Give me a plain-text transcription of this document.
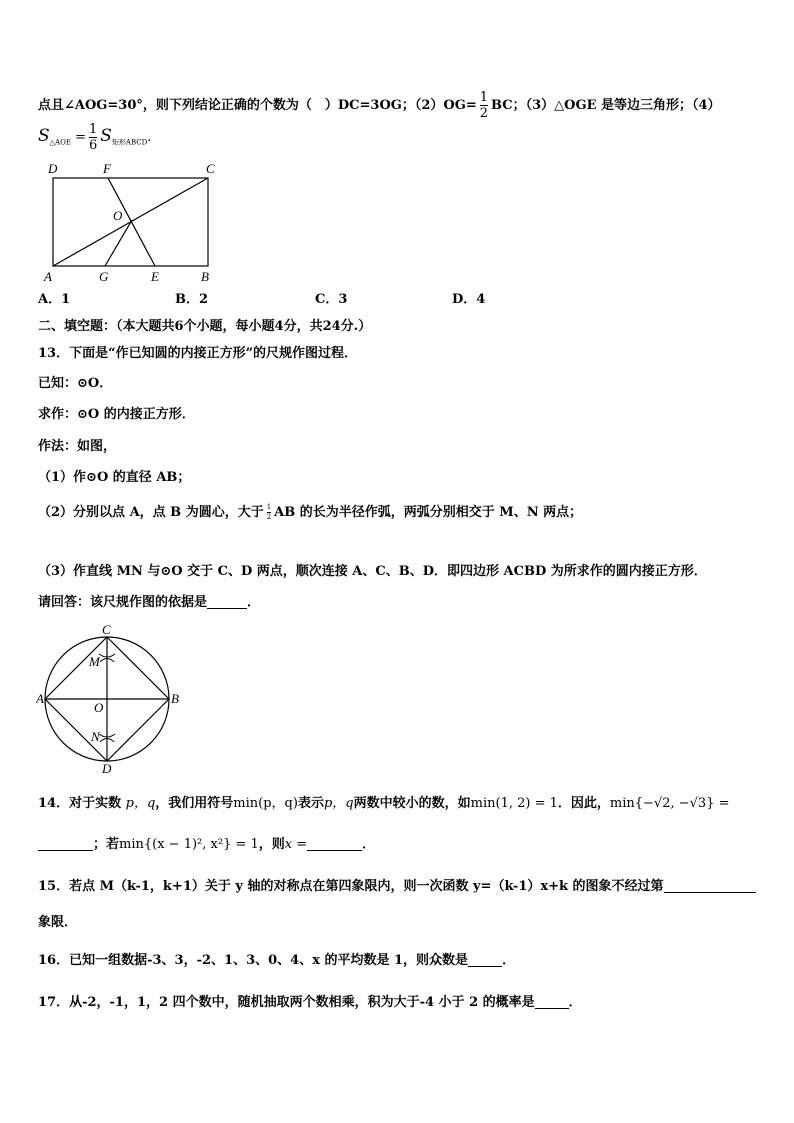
点且∠AOG=30°，则下列结论正确的个数为（　）DC=3OG；$(2)OG= \frac{1}{2}$ BC；（3）△OGE 是等边三角形；（4）
$S_{\triangle AOE} = \frac{1}{6} S_{矩形ABCD}$.
D	F	C
O
A	G	E	B
A．1	B．2	C．3	D．4
二、填空题：（本大题共6个小题，每小题4分，共24分.）
13．下面是“作已知圆的内接正方形”的尺规作图过程．
已知：⊙O．
求作：⊙O 的内接正方形．
作法：如图，
（1）作⊙O 的直径 AB；
（2）分别以点 A，点 B 为圆心，大于 $\frac{1}{2}$ AB 的长为半径作弧，两弧分别相交于 M、N 两点；
（3）作直线 MN 与⊙O 交于 C、D 两点，顺次连接 A、C、B、D．即四边形 ACBD 为所求作的圆内接正方形．
请回答：该尺规作图的依据是	．
C
M
A
O
B
N
D
14．对于实数 p，q，我们用符号min(p，q)表示p，q两数中较小的数，如min(1, 2) = 1．因此，min{−√2, −√3} =
；若min{(x − 1)², x²} = 1，则x =	．
15．若点 M（k-1，k+1）关于 y 轴的对称点在第四象限内，则一次函数 y=（k-1）x+k 的图象不经过第
象限．
16．已知一组数据-3、3，-2、1、3、0、4、x 的平均数是 1，则众数是	．
17．从-2，-1，1，2 四个数中，随机抽取两个数相乘，积为大于-4 小于 2 的概率是	．
